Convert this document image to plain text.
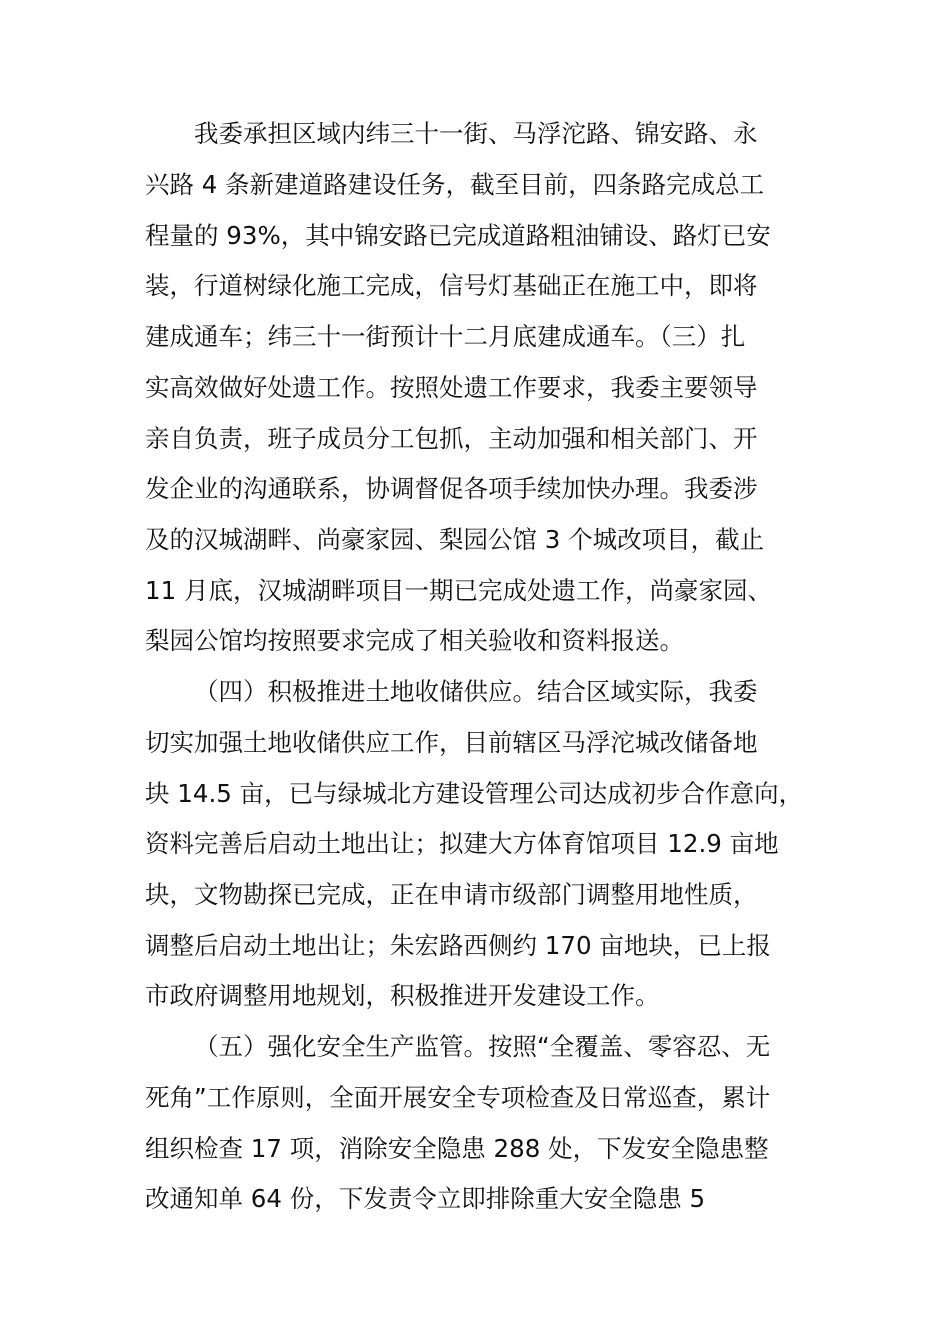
我委承担区域内纬三十一街、马浮沱路、锦安路、永
兴路 4 条新建道路建设任务，截至目前，四条路完成总工
程量的 93%，其中锦安路已完成道路粗油铺设、路灯已安
装，行道树绿化施工完成，信号灯基础正在施工中，即将
建成通车；纬三十一街预计十二月底建成通车。（三）扎
实高效做好处遗工作。按照处遗工作要求，我委主要领导
亲自负责，班子成员分工包抓，主动加强和相关部门、开
发企业的沟通联系，协调督促各项手续加快办理。我委涉
及的汉城湖畔、尚豪家园、梨园公馆 3 个城改项目，截止
11 月底，汉城湖畔项目一期已完成处遗工作，尚豪家园、
梨园公馆均按照要求完成了相关验收和资料报送。
（四）积极推进土地收储供应。结合区域实际，我委
切实加强土地收储供应工作，目前辖区马浮沱城改储备地
块 14.5 亩，已与绿城北方建设管理公司达成初步合作意向，
资料完善后启动土地出让；拟建大方体育馆项目 12.9 亩地
块，文物勘探已完成，正在申请市级部门调整用地性质，
调整后启动土地出让；朱宏路西侧约 170 亩地块，已上报
市政府调整用地规划，积极推进开发建设工作。
（五）强化安全生产监管。按照“全覆盖、零容忍、无
死角”工作原则，全面开展安全专项检查及日常巡查，累计
组织检查 17 项，消除安全隐患 288 处，下发安全隐患整
改通知单 64 份，下发责令立即排除重大安全隐患 5
